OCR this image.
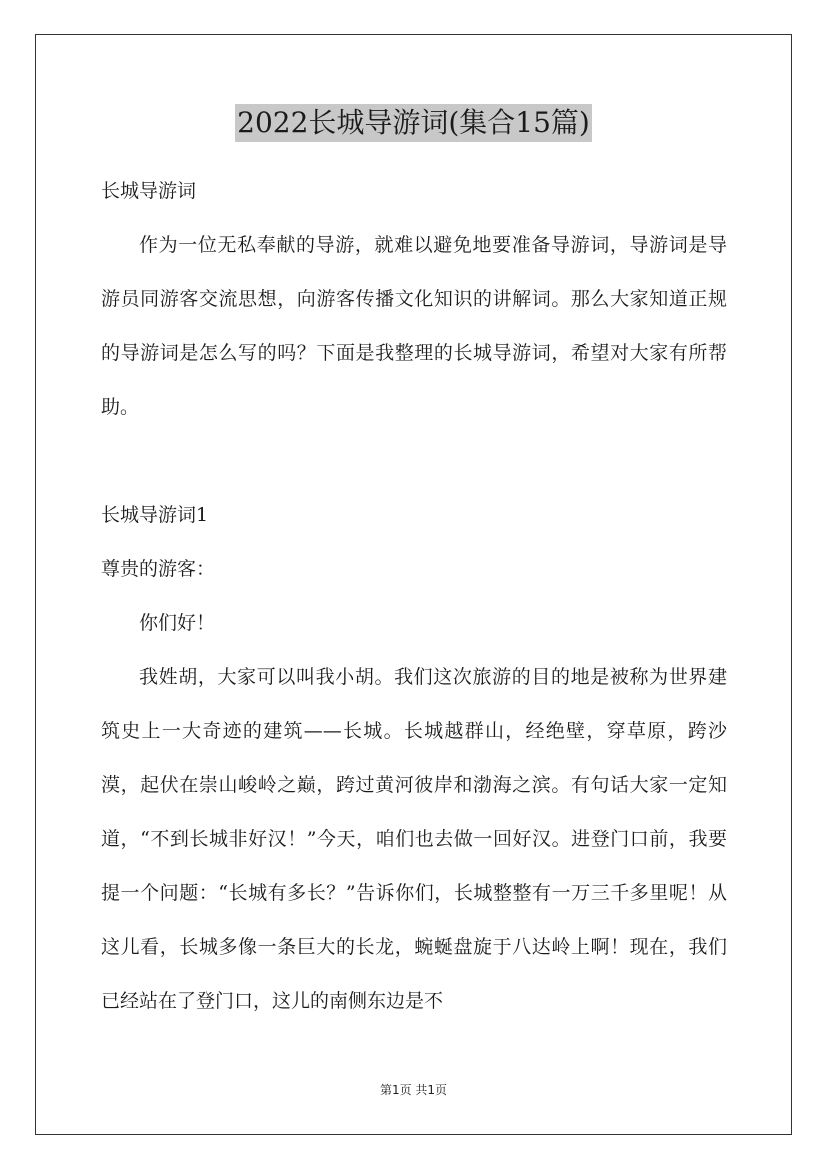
2022长城导游词(集合15篇)
长城导游词
作为一位无私奉献的导游，就难以避免地要准备导游词，导游词是导游员同游客交流思想，向游客传播文化知识的讲解词。那么大家知道正规的导游词是怎么写的吗？下面是我整理的长城导游词，希望对大家有所帮助。
长城导游词1
尊贵的游客：
你们好！
我姓胡，大家可以叫我小胡。我们这次旅游的目的地是被称为世界建筑史上一大奇迹的建筑——长城。长城越群山，经绝壁，穿草原，跨沙漠，起伏在崇山峻岭之巅，跨过黄河彼岸和渤海之滨。有句话大家一定知道，“不到长城非好汉！”今天，咱们也去做一回好汉。进登门口前，我要提一个问题：“长城有多长？”告诉你们，长城整整有一万三千多里呢！从这儿看，长城多像一条巨大的长龙，蜿蜒盘旋于八达岭上啊！现在，我们已经站在了登门口，这儿的南侧东边是不
第1页 共1页
